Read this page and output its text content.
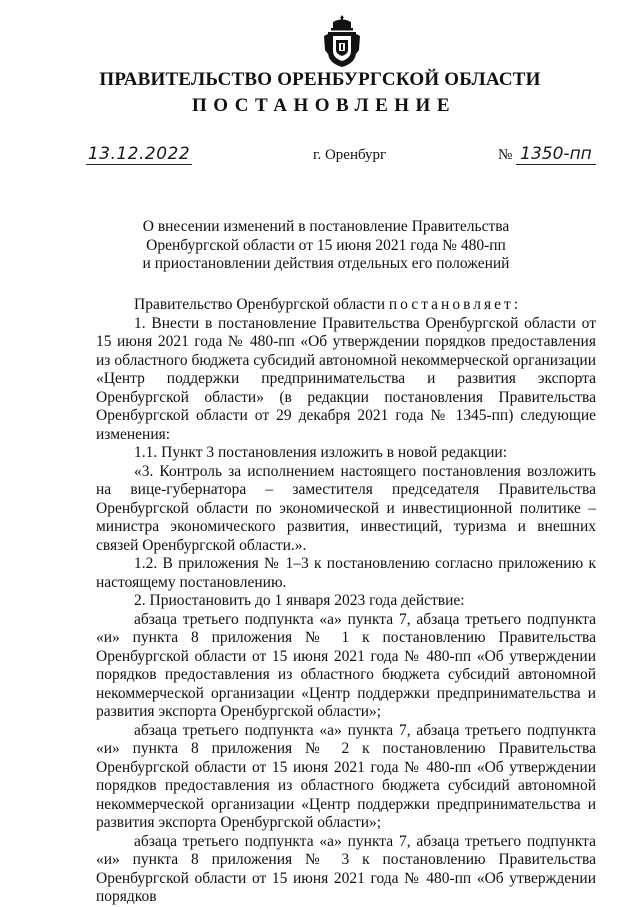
ПРАВИТЕЛЬСТВО ОРЕНБУРГСКОЙ ОБЛАСТИ
ПОСТАНОВЛЕНИЕ
13.12.2022	г. Оренбург	№ 1350-пп
О внесении изменений в постановление Правительства
Оренбургской области от 15 июня 2021 года № 480-пп
и приостановлении действия отдельных его положений

Правительство Оренбургской области постановляет:

1. Внести в постановление Правительства Оренбургской области от 15 июня 2021 года № 480-пп «Об утверждении порядков предоставления из областного бюджета субсидий автономной некоммерческой организации «Центр поддержки предпринимательства и развития экспорта Оренбургской области» (в редакции постановления Правительства Оренбургской области от 29 декабря 2021 года № 1345-пп) следующие изменения:

1.1. Пункт 3 постановления изложить в новой редакции:

«3. Контроль за исполнением настоящего постановления возложить на вице-губернатора – заместителя председателя Правительства Оренбургской области по экономической и инвестиционной политике – министра экономического развития, инвестиций, туризма и внешних связей Оренбургской области.».

1.2. В приложения № 1–3 к постановлению согласно приложению к настоящему постановлению.

2. Приостановить до 1 января 2023 года действие:

абзаца третьего подпункта «а» пункта 7, абзаца третьего подпункта «и» пункта 8 приложения № 1 к постановлению Правительства Оренбургской области от 15 июня 2021 года № 480-пп «Об утверждении порядков предоставления из областного бюджета субсидий автономной некоммерческой организации «Центр поддержки предпринимательства и развития экспорта Оренбургской области»;

абзаца третьего подпункта «а» пункта 7, абзаца третьего подпункта «и» пункта 8 приложения № 2 к постановлению Правительства Оренбургской области от 15 июня 2021 года № 480-пп «Об утверждении порядков предоставления из областного бюджета субсидий автономной некоммерческой организации «Центр поддержки предпринимательства и развития экспорта Оренбургской области»;

абзаца третьего подпункта «а» пункта 7, абзаца третьего подпункта «и» пункта 8 приложения № 3 к постановлению Правительства Оренбургской области от 15 июня 2021 года № 480-пп «Об утверждении порядков
